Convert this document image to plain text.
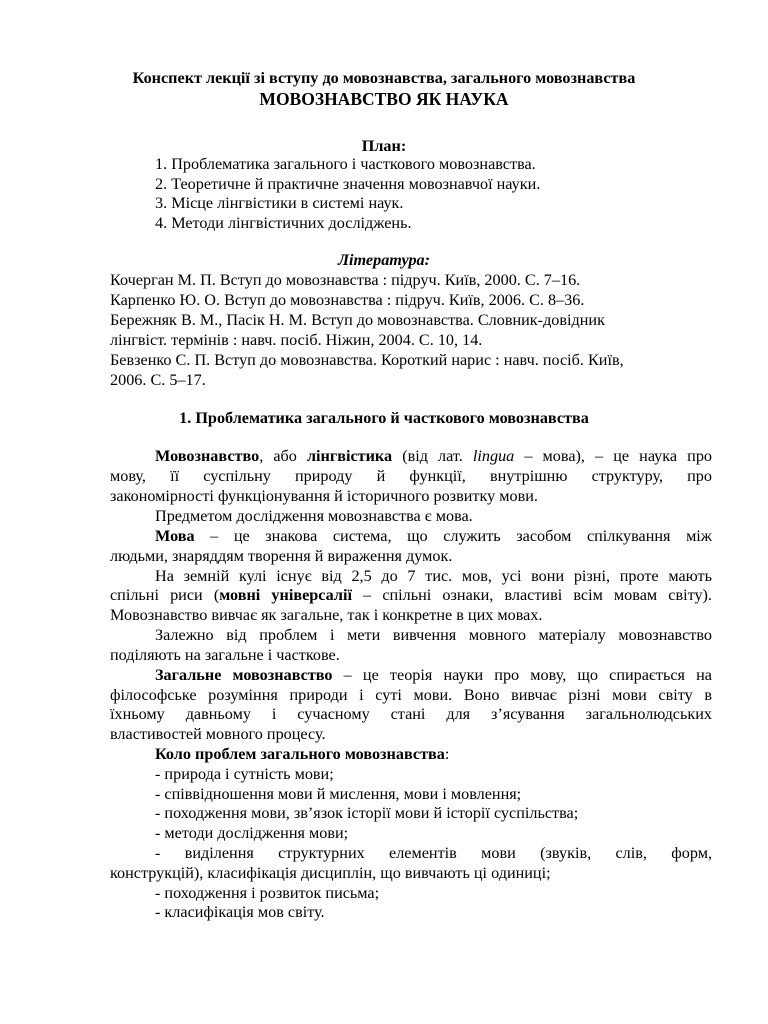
Конспект лекції зі вступу до мовознавства, загального мовознавства
МОВОЗНАВСТВО ЯК НАУКА
План:
1. Проблематика загального і часткового мовознавства.
2. Теоретичне й практичне значення мовознавчої науки.
3. Місце лінгвістики в системі наук.
4. Методи лінгвістичних досліджень.
Література:
Кочерган М. П. Вступ до мовознавства : підруч. Київ, 2000. С. 7–16.
Карпенко Ю. О. Вступ до мовознавства : підруч. Київ, 2006. С. 8–36.
Бережняк В. М., Пасік Н. М. Вступ до мовознавства. Словник-довідник
лінгвіст. термінів : навч. посіб. Ніжин, 2004. С. 10, 14.
Бевзенко С. П. Вступ до мовознавства. Короткий нарис : навч. посіб. Київ,
2006. С. 5–17.
1. Проблематика загального й часткового мовознавства
Мовознавство, або лінгвістика (від лат. lingua – мова), – це наука про
мову, її суспільну природу й функції, внутрішню структуру, про
закономірності функціонування й історичного розвитку мови.
Предметом дослідження мовознавства є мова.
Мова – це знакова система, що служить засобом спілкування між
людьми, знаряддям творення й вираження думок.
На земній кулі існує від 2,5 до 7 тис. мов, усі вони різні, проте мають
спільні риси (мовні універсалії – спільні ознаки, властиві всім мовам світу).
Мовознавство вивчає як загальне, так і конкретне в цих мовах.
Залежно від проблем і мети вивчення мовного матеріалу мовознавство
поділяють на загальне і часткове.
Загальне мовознавство – це теорія науки про мову, що спирається на
філософське розуміння природи і суті мови. Воно вивчає різні мови світу в
їхньому давньому і сучасному стані для з’ясування загальнолюдських
властивостей мовного процесу.
Коло проблем загального мовознавства:
- природа і сутність мови;
- співвідношення мови й мислення, мови і мовлення;
- походження мови, зв’язок історії мови й історії суспільства;
- методи дослідження мови;
- виділення структурних елементів мови (звуків, слів, форм,
конструкцій), класифікація дисциплін, що вивчають ці одиниці;
- походження і розвиток письма;
- класифікація мов світу.
